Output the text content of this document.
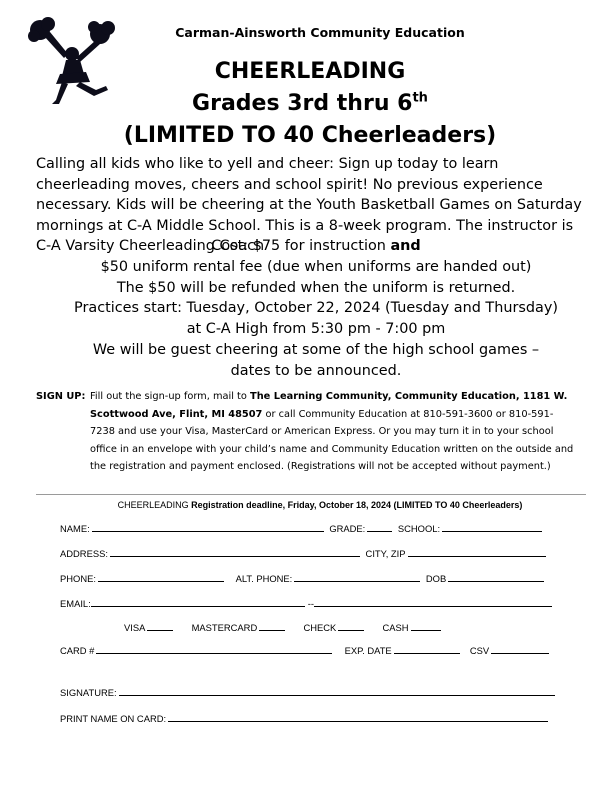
Carman-Ainsworth Community Education
CHEERLEADING
Grades 3rd thru 6th
(LIMITED TO 40 Cheerleaders)
Calling all kids who like to yell and cheer: Sign up today to learn cheerleading moves, cheers and school spirit! No previous experience necessary. Kids will be cheering at the Youth Basketball Games on Saturday mornings at C-A Middle School. This is a 8-week program. The instructor is C-A Varsity Cheerleading Coach
Cost: $75 for instruction and
$50 uniform rental fee (due when uniforms are handed out)
The $50 will be refunded when the uniform is returned.
Practices start: Tuesday, October 22, 2024 (Tuesday and Thursday)
at C-A High from 5:30 pm - 7:00 pm
We will be guest cheering at some of the high school games –
dates to be announced.
SIGN UP: Fill out the sign-up form, mail to The Learning Community, Community Education, 1181 W.
Scottwood Ave, Flint, MI 48507 or call Community Education at 810-591-3600 or 810-591-
7238 and use your Visa, MasterCard or American Express. Or you may turn it in to your school
office in an envelope with your child’s name and Community Education written on the outside and
the registration and payment enclosed. (Registrations will not be accepted without payment.)
CHEERLEADING Registration deadline, Friday, October 18, 2024 (LIMITED TO 40 Cheerleaders)
NAME:	GRADE:	SCHOOL:
ADDRESS:	CITY, ZIP
PHONE:	ALT. PHONE:	DOB
EMAIL:	--
VISA	MASTERCARD	CHECK	CASH
CARD #	EXP. DATE	CSV
SIGNATURE:
PRINT NAME ON CARD:
